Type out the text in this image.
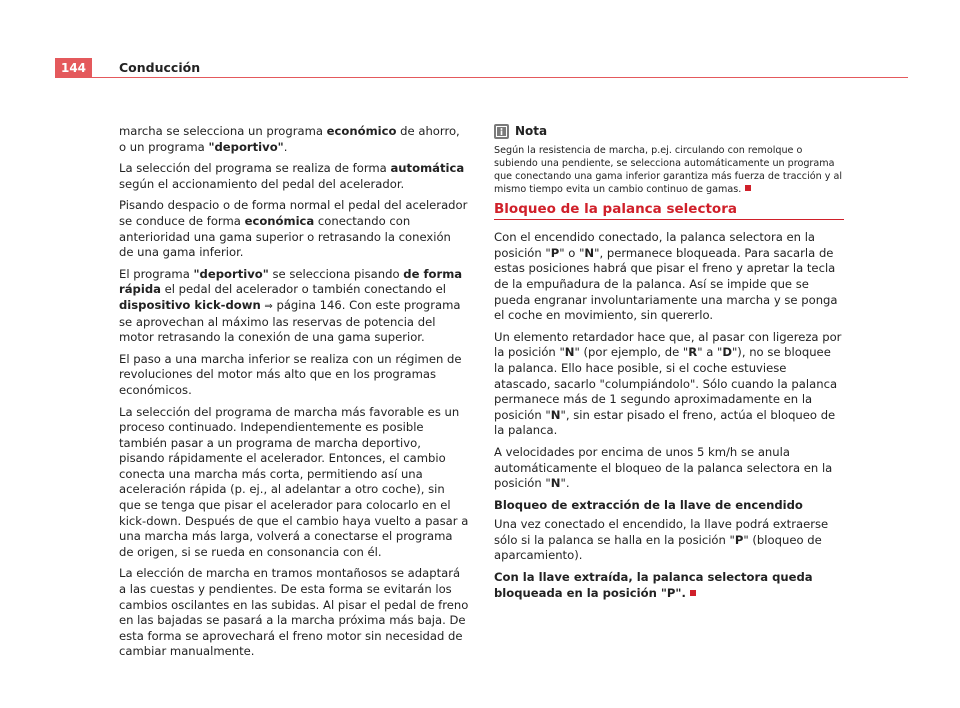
144	Conducción

marcha se selecciona un programa económico de ahorro, o un programa "deportivo".

La selección del programa se realiza de forma automática según el accionamiento del pedal del acelerador.

Pisando despacio o de forma normal el pedal del acelerador se conduce de forma económica conectando con anterioridad una gama superior o retrasando la conexión de una gama inferior.

El programa "deportivo" se selecciona pisando de forma rápida el pedal del acelerador o también conectando el dispositivo kick-down ⇒ página 146. Con este programa se aprovechan al máximo las reservas de potencia del motor retrasando la conexión de una gama superior.

El paso a una marcha inferior se realiza con un régimen de revoluciones del motor más alto que en los programas económicos.

La selección del programa de marcha más favorable es un proceso continuado. Independientemente es posible también pasar a un programa de marcha deportivo, pisando rápidamente el acelerador. Entonces, el cambio conecta una marcha más corta, permitiendo así una aceleración rápida (p. ej., al adelantar a otro coche), sin que se tenga que pisar el acelerador para colocarlo en el kick-down. Después de que el cambio haya vuelto a pasar a una marcha más larga, volverá a conectarse el programa de origen, si se rueda en consonancia con él.

La elección de marcha en tramos montañosos se adaptará a las cuestas y pendientes. De esta forma se evitarán los cambios oscilantes en las subidas. Al pisar el pedal de freno en las bajadas se pasará a la marcha próxima más baja. De esta forma se aprovechará el freno motor sin necesidad de cambiar manualmente.

Nota

Según la resistencia de marcha, p.ej. circulando con remolque o subiendo una pendiente, se selecciona automáticamente un programa que conectando una gama inferior garantiza más fuerza de tracción y al mismo tiempo evita un cambio continuo de gamas.

Bloqueo de la palanca selectora

Con el encendido conectado, la palanca selectora en la posición "P" o "N", permanece bloqueada. Para sacarla de estas posiciones habrá que pisar el freno y apretar la tecla de la empuñadura de la palanca. Así se impide que se pueda engranar involuntariamente una marcha y se ponga el coche en movimiento, sin quererlo.

Un elemento retardador hace que, al pasar con ligereza por la posición "N" (por ejemplo, de "R" a "D"), no se bloquee la palanca. Ello hace posible, si el coche estuviese atascado, sacarlo "columpiándolo". Sólo cuando la palanca permanece más de 1 segundo aproximadamente en la posición "N", sin estar pisado el freno, actúa el bloqueo de la palanca.

A velocidades por encima de unos 5 km/h se anula automáticamente el bloqueo de la palanca selectora en la posición "N".

Bloqueo de extracción de la llave de encendido

Una vez conectado el encendido, la llave podrá extraerse sólo si la palanca se halla en la posición "P" (bloqueo de aparcamiento).

Con la llave extraída, la palanca selectora queda bloqueada en la posición "P".
